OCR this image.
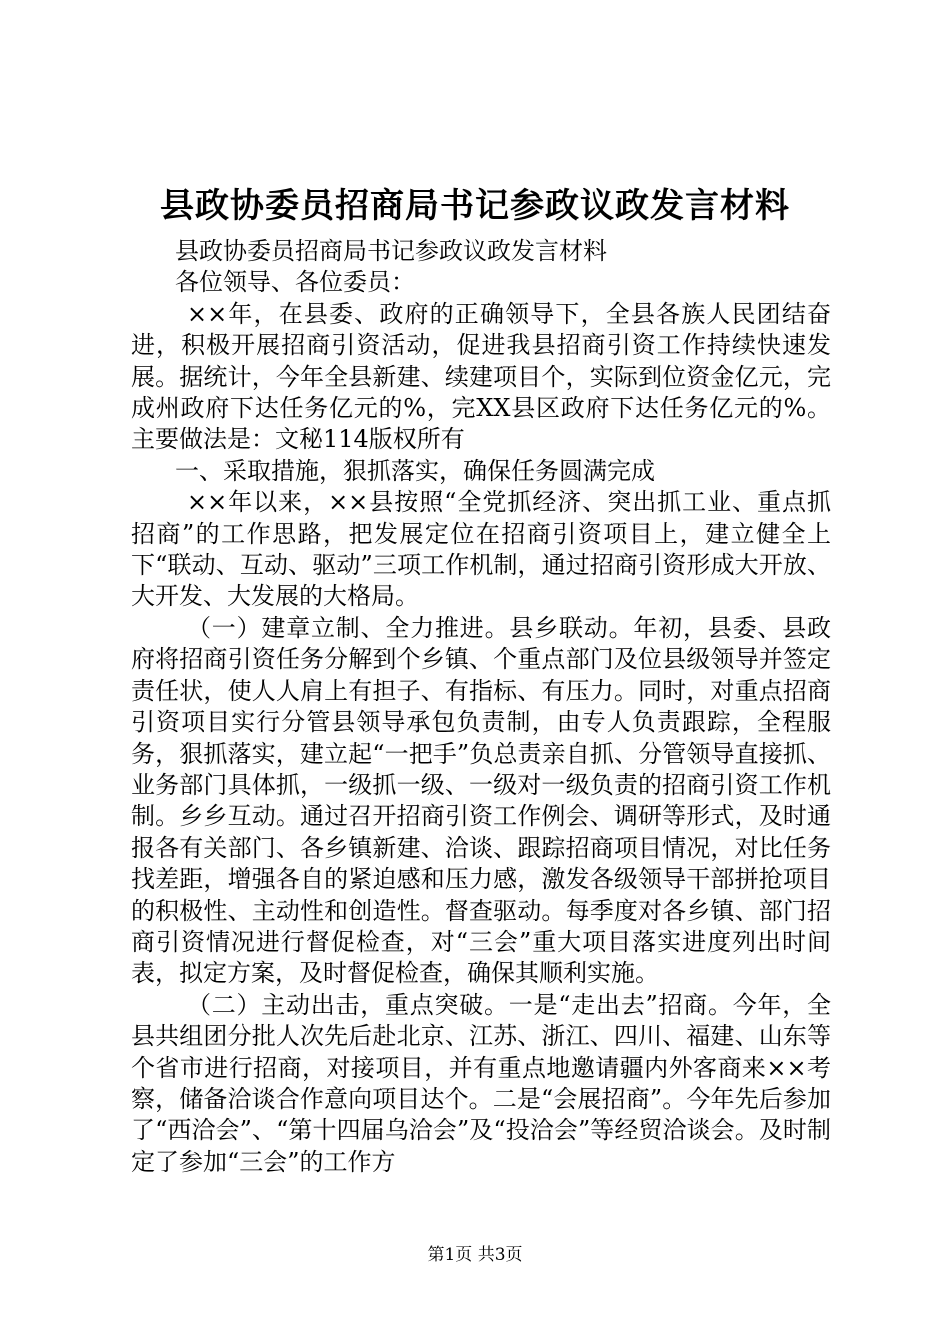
县政协委员招商局书记参政议政发言材料

县政协委员招商局书记参政议政发言材料

各位领导、各位委员：

××年，在县委、政府的正确领导下，全县各族人民团结奋进，积极开展招商引资活动，促进我县招商引资工作持续快速发展。据统计，今年全县新建、续建项目个，实际到位资金亿元，完成州政府下达任务亿元的%，完XX县区政府下达任务亿元的%。主要做法是：文秘114版权所有

一、采取措施，狠抓落实，确保任务圆满完成

××年以来，××县按照“全党抓经济、突出抓工业、重点抓招商”的工作思路，把发展定位在招商引资项目上，建立健全上下“联动、互动、驱动”三项工作机制，通过招商引资形成大开放、大开发、大发展的大格局。

（一）建章立制、全力推进。县乡联动。年初，县委、县政府将招商引资任务分解到个乡镇、个重点部门及位县级领导并签定责任状，使人人肩上有担子、有指标、有压力。同时，对重点招商引资项目实行分管县领导承包负责制，由专人负责跟踪，全程服务，狠抓落实，建立起“一把手”负总责亲自抓、分管领导直接抓、业务部门具体抓，一级抓一级、一级对一级负责的招商引资工作机制。乡乡互动。通过召开招商引资工作例会、调研等形式，及时通报各有关部门、各乡镇新建、洽谈、跟踪招商项目情况，对比任务找差距，增强各自的紧迫感和压力感，激发各级领导干部拼抢项目的积极性、主动性和创造性。督查驱动。每季度对各乡镇、部门招商引资情况进行督促检查，对“三会”重大项目落实进度列出时间表，拟定方案，及时督促检查，确保其顺利实施。

（二）主动出击，重点突破。一是“走出去”招商。今年，全县共组团分批人次先后赴北京、江苏、浙江、四川、福建、山东等个省市进行招商，对接项目，并有重点地邀请疆内外客商来××考察，储备洽谈合作意向项目达个。二是“会展招商”。今年先后参加了“西洽会”、“第十四届乌洽会”及“投洽会”等经贸洽谈会。及时制定了参加“三会”的工作方

第1页 共3页
